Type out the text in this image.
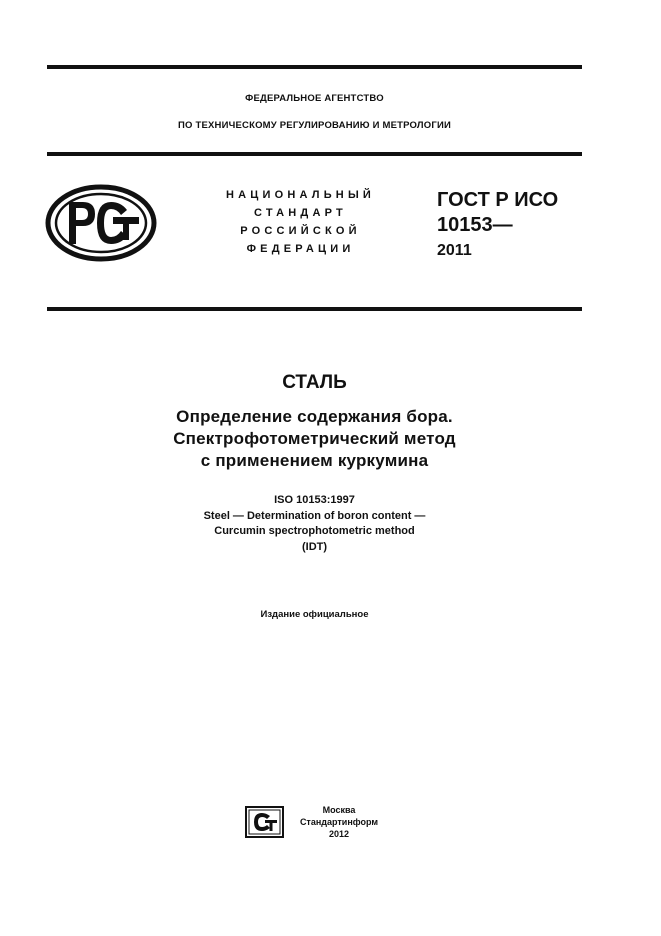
ФЕДЕРАЛЬНОЕ АГЕНТСТВО
ПО ТЕХНИЧЕСКОМУ РЕГУЛИРОВАНИЮ И МЕТРОЛОГИИ
НАЦИОНАЛЬНЫЙ
СТАНДАРТ
РОССИЙСКОЙ
ФЕДЕРАЦИИ
ГОСТ Р ИСО
10153—
2011
СТАЛЬ
Определение содержания бора.
Спектрофотометрический метод
с применением куркумина
ISO 10153:1997
Steel — Determination of boron content —
Curcumin spectrophotometric method
(IDT)
Издание официальное
Москва
Стандартинформ
2012
